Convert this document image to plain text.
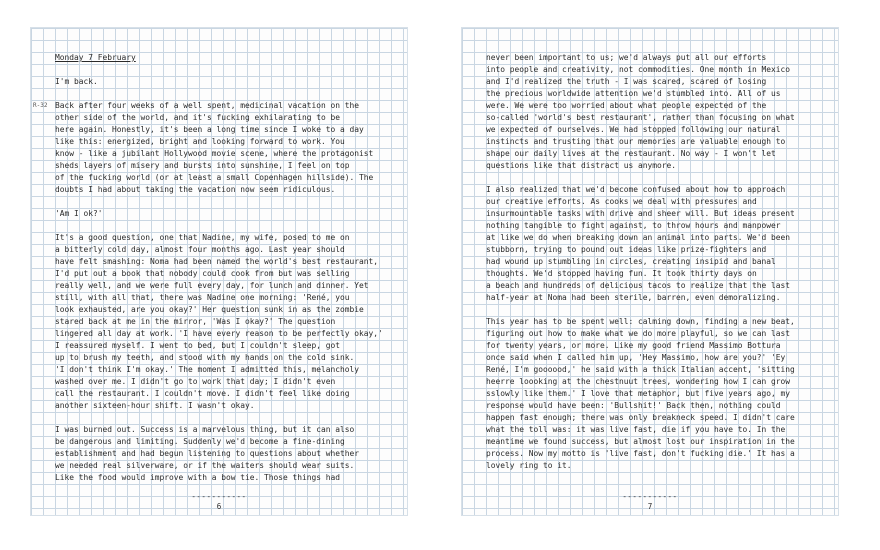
R-32

Monday 7 February

I'm back.

Back after four weeks of a well spent, medicinal vacation on the
other side of the world, and it's fucking exhilarating to be
here again. Honestly, it's been a long time since I woke to a day
like this: energized, bright and looking forward to work. You
know - like a jubilant Hollywood movie scene, where the protagonist
sheds layers of misery and bursts into sunshine, I feel on top
of the fucking world (or at least a small Copenhagen hillside). The
doubts I had about taking the vacation now seem ridiculous.

'Am I ok?'

It's a good question, one that Nadine, my wife, posed to me on
a bitterly cold day, almost four months ago. Last year should
have felt smashing: Noma had been named the world's best restaurant,
I'd put out a book that nobody could cook from but was selling
really well, and we were full every day, for lunch and dinner. Yet
still, with all that, there was Nadine one morning: 'René, you
look exhausted, are you okay?' Her question sunk in as the zombie
stared back at me in the mirror, 'Was I okay?' The question
lingered all day at work. 'I have every reason to be perfectly okay,'
I reassured myself. I went to bed, but I couldn't sleep, got
up to brush my teeth, and stood with my hands on the cold sink.
'I don't think I'm okay.' The moment I admitted this, melancholy
washed over me. I didn't go to work that day; I didn't even
call the restaurant. I couldn't move. I didn't feel like doing
another sixteen-hour shift. I wasn't okay.

I was burned out. Success is a marvelous thing, but it can also
be dangerous and limiting. Suddenly we'd become a fine-dining
establishment and had begun listening to questions about whether
we needed real silverware, or if the waiters should wear suits.
Like the food would improve with a bow tie. Those things had

-----------
6

never been important to us; we'd always put all our efforts
into people and creativity, not commodities. One month in Mexico
and I'd realized the truth - I was scared, scared of losing
the precious worldwide attention we'd stumbled into. All of us
were. We were too worried about what people expected of the
so-called 'world's best restaurant', rather than focusing on what
we expected of ourselves. We had stopped following our natural
instincts and trusting that our memories are valuable enough to
shape our daily lives at the restaurant. No way - I won't let
questions like that distract us anymore.

I also realized that we'd become confused about how to approach
our creative efforts. As cooks we deal with pressures and
insurmountable tasks with drive and sheer will. But ideas present
nothing tangible to fight against, to throw hours and manpower
at like we do when breaking down an animal into parts. We'd been
stubborn, trying to pound out ideas like prize-fighters and
had wound up stumbling in circles, creating insipid and banal
thoughts. We'd stopped having fun. It took thirty days on
a beach and hundreds of delicious tacos to realize that the last
half-year at Noma had been sterile, barren, even demoralizing.

This year has to be spent well: calming down, finding a new beat,
figuring out how to make what we do more playful, so we can last
for twenty years, or more. Like my good friend Massimo Bottura
once said when I called him up, 'Hey Massimo, how are you?' 'Ey
René, I'm goooood,' he said with a thick Italian accent, 'sitting
heerre loooking at the chestnuut trees, wondering how I can grow
sslowly like them.' I love that metaphor, but five years ago, my
response would have been: 'Bullshit!' Back then, nothing could
happen fast enough; there was only breakneck speed. I didn't care
what the toll was: it was live fast, die if you have to. In the
meantime we found success, but almost lost our inspiration in the
process. Now my motto is 'live fast, don't fucking die.' It has a
lovely ring to it.

-----------
7
